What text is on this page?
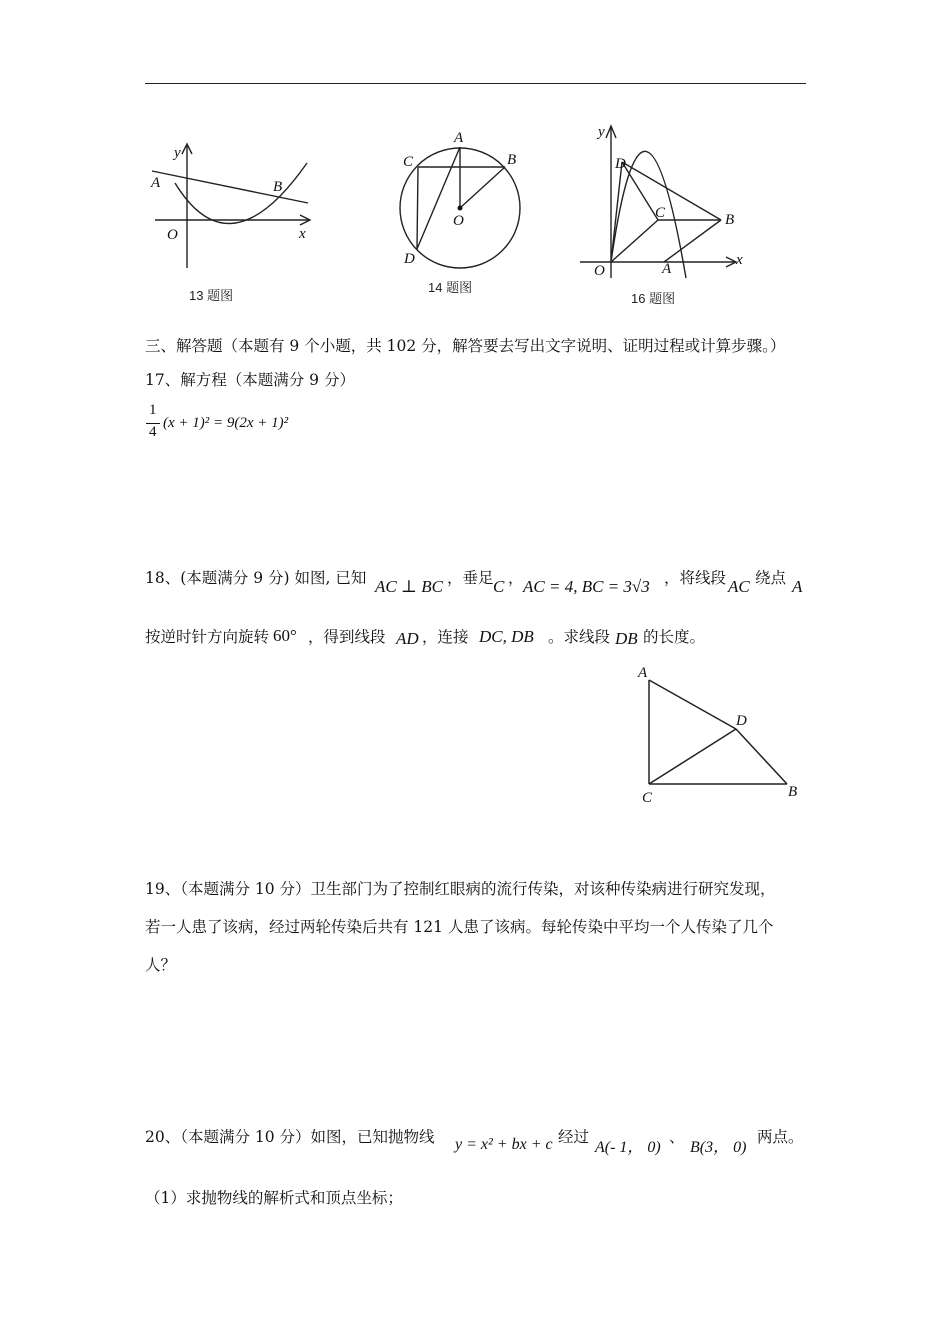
y
x
O
A	B
13 题图
A
B
C
D
O
14 题图
y
x
O	A
B
C
D
16 题图
三、解答题（本题有 9 个小题，共 102 分，解答要去写出文字说明、证明过程或计算步骤。）
17、解方程（本题满分 9 分）
1
4
(x + 1)² = 9(2x + 1)²
18、(本题满分 9 分) 如图, 已知 AC ⊥ BC ，垂足 C ， AC = 4, BC = 3√3 ，将线段 AC 绕点 A
按逆时针方向旋转 60° ，得到线段 AD ，连接 DC, DB 。求线段 DB 的长度。
A
D
C	B
19、（本题满分 10 分）卫生部门为了控制红眼病的流行传染，对该种传染病进行研究发现，
若一人患了该病，经过两轮传染后共有 121 人患了该病。每轮传染中平均一个人传染了几个
人？
20、（本题满分 10 分）如图，已知抛物线 y = x² + bx + c 经过
A(- 1， 0)
、
B(3， 0)
两点。
（1）求抛物线的解析式和顶点坐标；
